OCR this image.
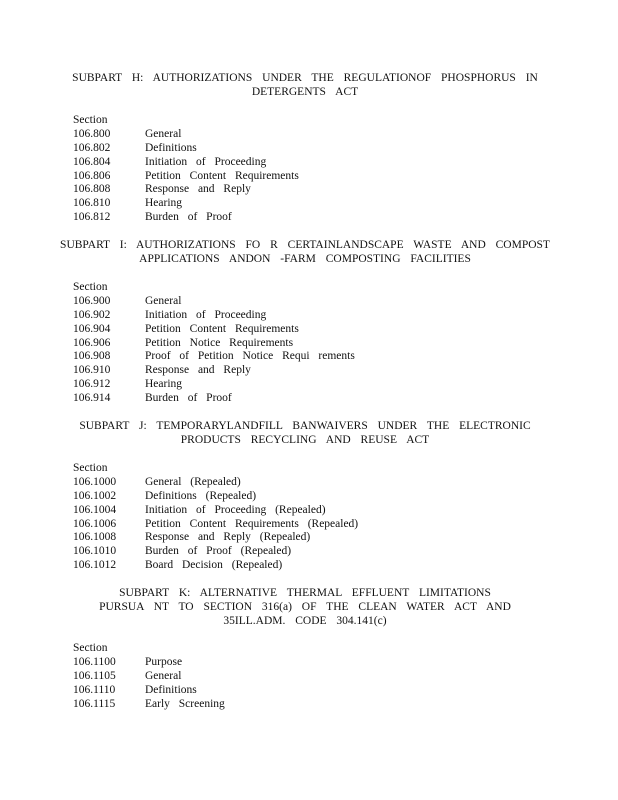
SUBPART H: AUTHORIZATIONS UNDER THE REGULATIONOF PHOSPHORUS IN
DETERGENTS ACT
Section
106.800	General
106.802	Definitions
106.804	Initiation of Proceeding
106.806	Petition Content Requirements
106.808	Response and Reply
106.810	Hearing
106.812	Burden of Proof
SUBPART I: AUTHORIZATIONS FO R CERTAINLANDSCAPE WASTE AND COMPOST
APPLICATIONS ANDON -FARM COMPOSTING FACILITIES
Section
106.900	General
106.902	Initiation of Proceeding
106.904	Petition Content Requirements
106.906	Petition Notice Requirements
106.908	Proof of Petition Notice Requi rements
106.910	Response and Reply
106.912	Hearing
106.914	Burden of Proof
SUBPART J: TEMPORARYLANDFILL BANWAIVERS UNDER THE ELECTRONIC
PRODUCTS RECYCLING AND REUSE ACT
Section
106.1000	General (Repealed)
106.1002	Definitions (Repealed)
106.1004	Initiation of Proceeding (Repealed)
106.1006	Petition Content Requirements (Repealed)
106.1008	Response and Reply (Repealed)
106.1010	Burden of Proof (Repealed)
106.1012	Board Decision (Repealed)
SUBPART K: ALTERNATIVE THERMAL EFFLUENT LIMITATIONS
PURSUA NT TO SECTION 316(a) OF THE CLEAN WATER ACT AND
35ILL.ADM. CODE 304.141(c)
Section
106.1100	Purpose
106.1105	General
106.1110	Definitions
106.1115	Early Screening
